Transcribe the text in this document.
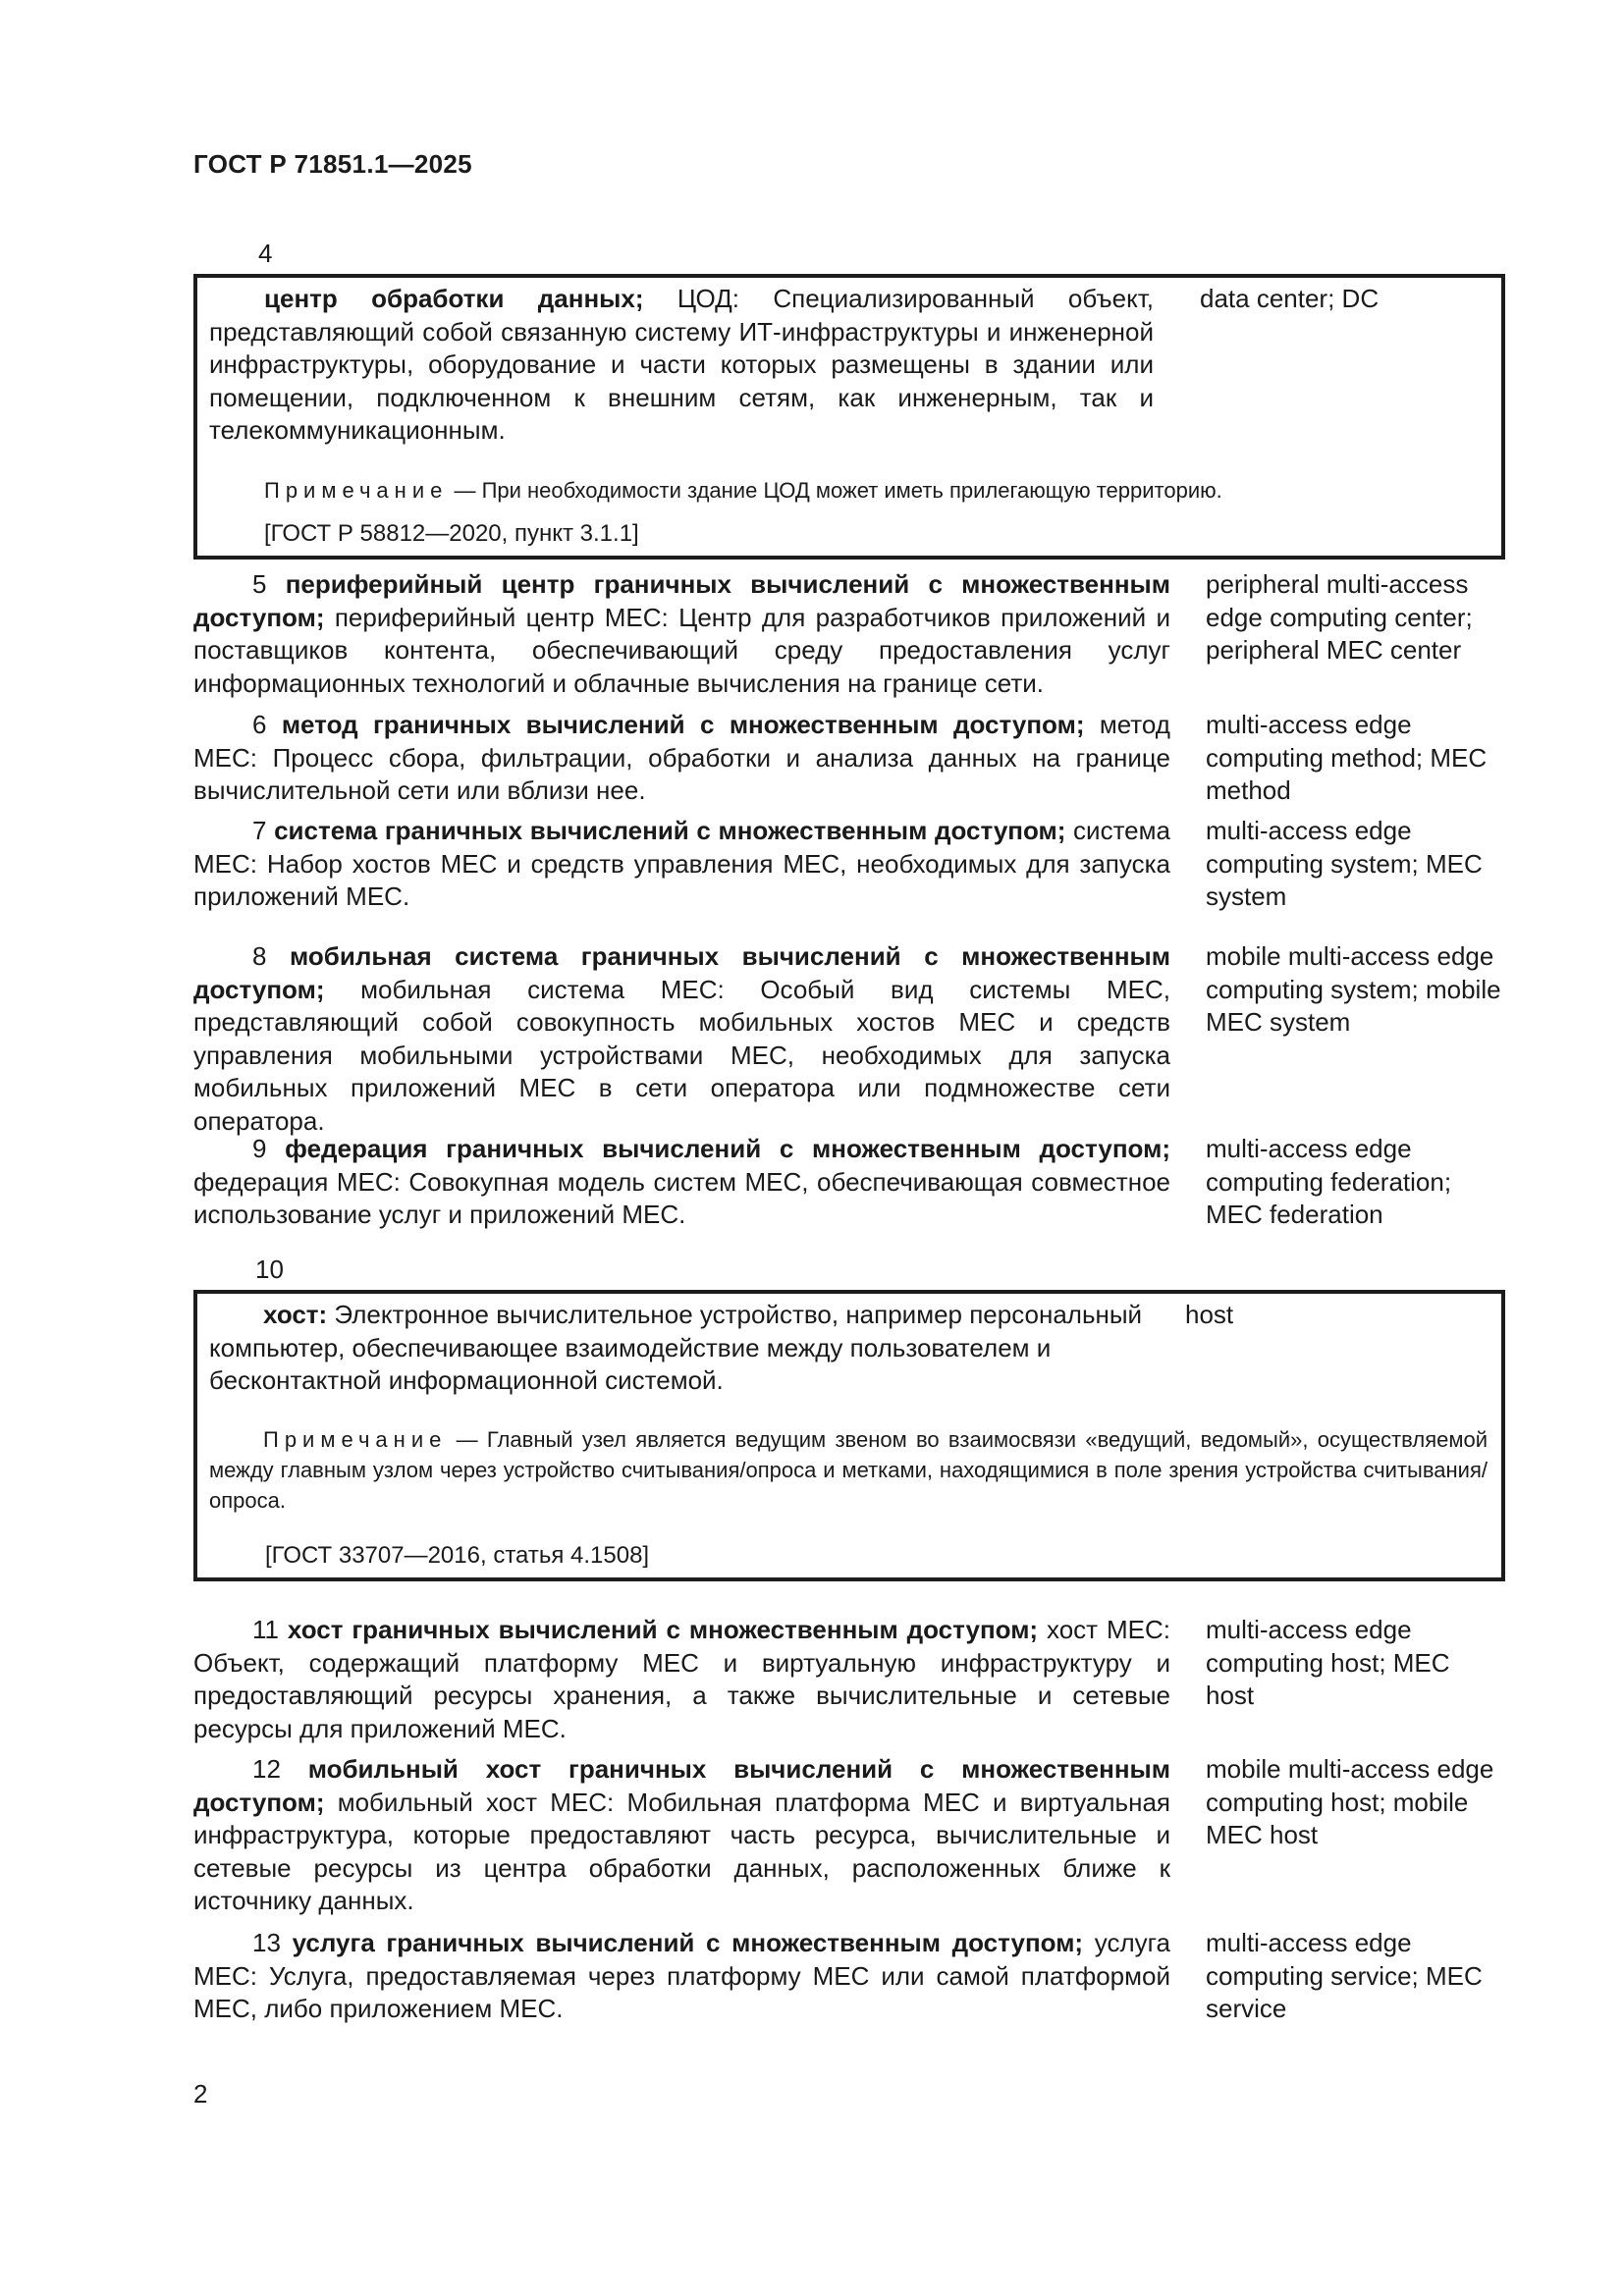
ГОСТ Р 71851.1—2025
4
центр обработки данных; ЦОД: Специализированный объект, представляющий собой связанную систему ИТ-инфраструктуры и инженерной инфраструктуры, оборудование и части которых размещены в здании или помещении, подключенном к внешним сетям, как инженерным, так и телекоммуникационным.
data center; DC
Примечание — При необходимости здание ЦОД может иметь прилегающую территорию.
[ГОСТ Р 58812—2020, пункт 3.1.1]
5 периферийный центр граничных вычислений с множественным доступом; периферийный центр MEC: Центр для разработчиков приложений и поставщиков контента, обеспечивающий среду предоставления услуг информационных технологий и облачные вычисления на границе сети.
peripheral multi-access edge computing center; peripheral MEC center
6 метод граничных вычислений с множественным доступом; метод MEC: Процесс сбора, фильтрации, обработки и анализа данных на границе вычислительной сети или вблизи нее.
multi-access edge computing method; MEC method
7 система граничных вычислений с множественным доступом; система MEC: Набор хостов MEC и средств управления MEC, необходимых для запуска приложений MEC.
multi-access edge computing system; MEC system
8 мобильная система граничных вычислений с множественным доступом; мобильная система MEC: Особый вид системы MEC, представляющий собой совокупность мобильных хостов MEC и средств управления мобильными устройствами MEC, необходимых для запуска мобильных приложений MEC в сети оператора или подмножестве сети оператора.
mobile multi-access edge computing system; mobile MEC system
9 федерация граничных вычислений с множественным доступом; федерация MEC: Совокупная модель систем MEC, обеспечивающая совместное использование услуг и приложений MEC.
multi-access edge computing federation; MEC federation
10
хост: Электронное вычислительное устройство, например персональный компьютер, обеспечивающее взаимодействие между пользователем и бесконтактной информационной системой.
host
Примечание — Главный узел является ведущим звеном во взаимосвязи «ведущий, ведомый», осуществляемой между главным узлом через устройство считывания/опроса и метками, находящимися в поле зрения устройства считывания/опроса.
[ГОСТ 33707—2016, статья 4.1508]
11 хост граничных вычислений с множественным доступом; хост MEC: Объект, содержащий платформу MEC и виртуальную инфраструктуру и предоставляющий ресурсы хранения, а также вычислительные и сетевые ресурсы для приложений MEC.
multi-access edge computing host; MEC host
12 мобильный хост граничных вычислений с множественным доступом; мобильный хост MEC: Мобильная платформа MEC и виртуальная инфраструктура, которые предоставляют часть ресурса, вычислительные и сетевые ресурсы из центра обработки данных, расположенных ближе к источнику данных.
mobile multi-access edge computing host; mobile MEC host
13 услуга граничных вычислений с множественным доступом; услуга MEC: Услуга, предоставляемая через платформу MEC или самой платформой MEC, либо приложением MEC.
multi-access edge computing service; MEC service
2
